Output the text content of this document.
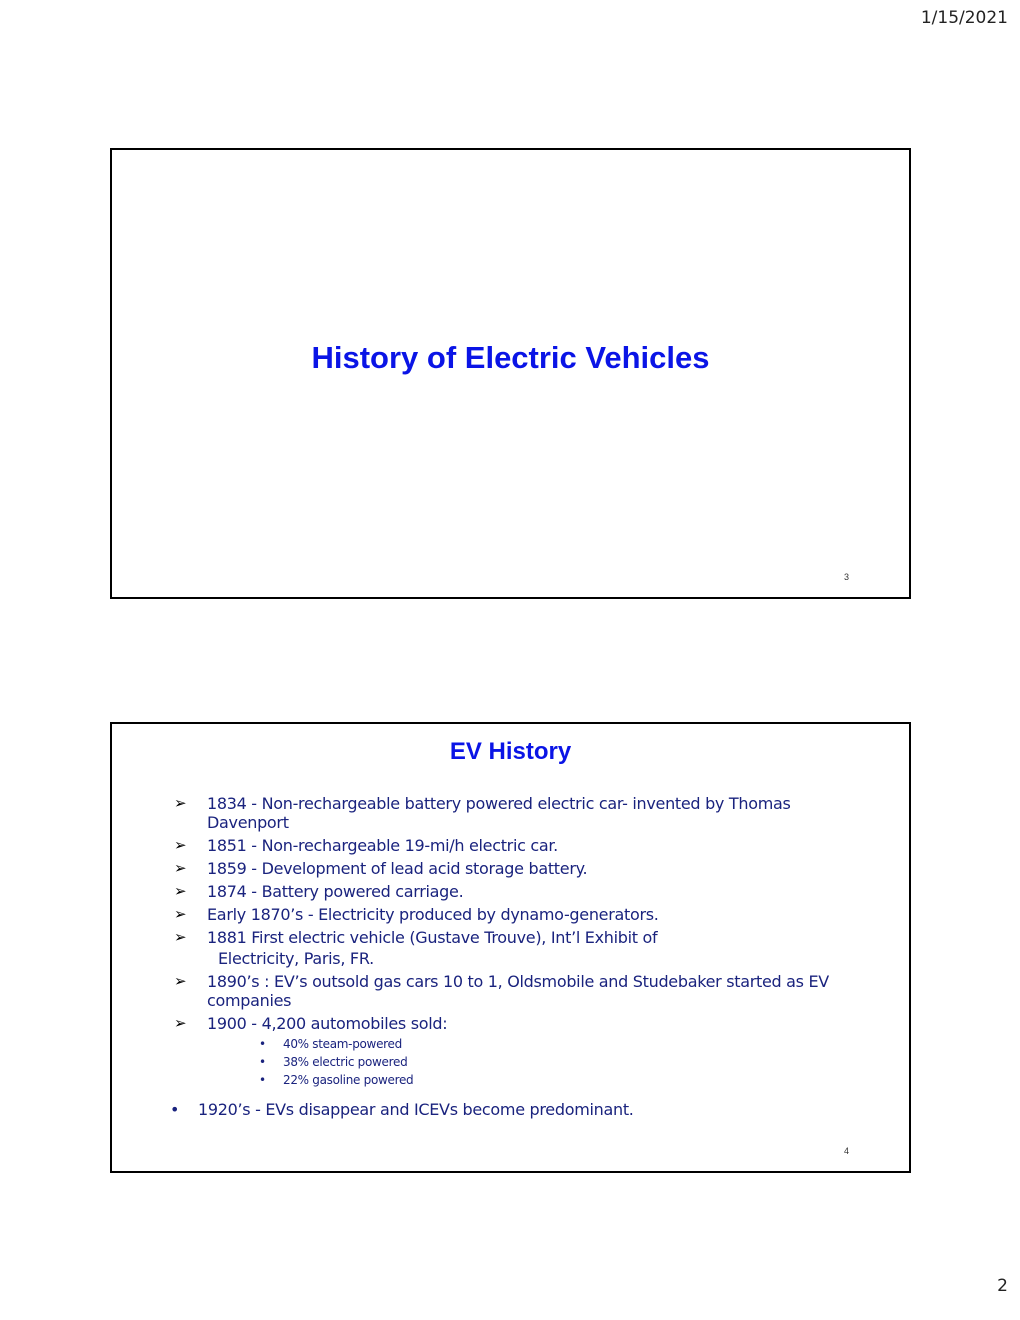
1/15/2021
History of Electric Vehicles
3
EV History
➢ 1834 - Non-rechargeable battery powered electric car- invented by Thomas Davenport
➢ 1851 - Non-rechargeable 19-mi/h electric car.
➢ 1859 - Development of lead acid storage battery.
➢ 1874 - Battery powered carriage.
➢ Early 1870’s - Electricity produced by dynamo-generators.
➢ 1881 First electric vehicle (Gustave Trouve), Int’l Exhibit of
Electricity, Paris, FR.
➢ 1890’s : EV’s outsold gas cars 10 to 1, Oldsmobile and Studebaker started as EV companies
➢ 1900 - 4,200 automobiles sold:
• 40% steam-powered
• 38% electric powered
• 22% gasoline powered
• 1920’s - EVs disappear and ICEVs become predominant.
4
2
